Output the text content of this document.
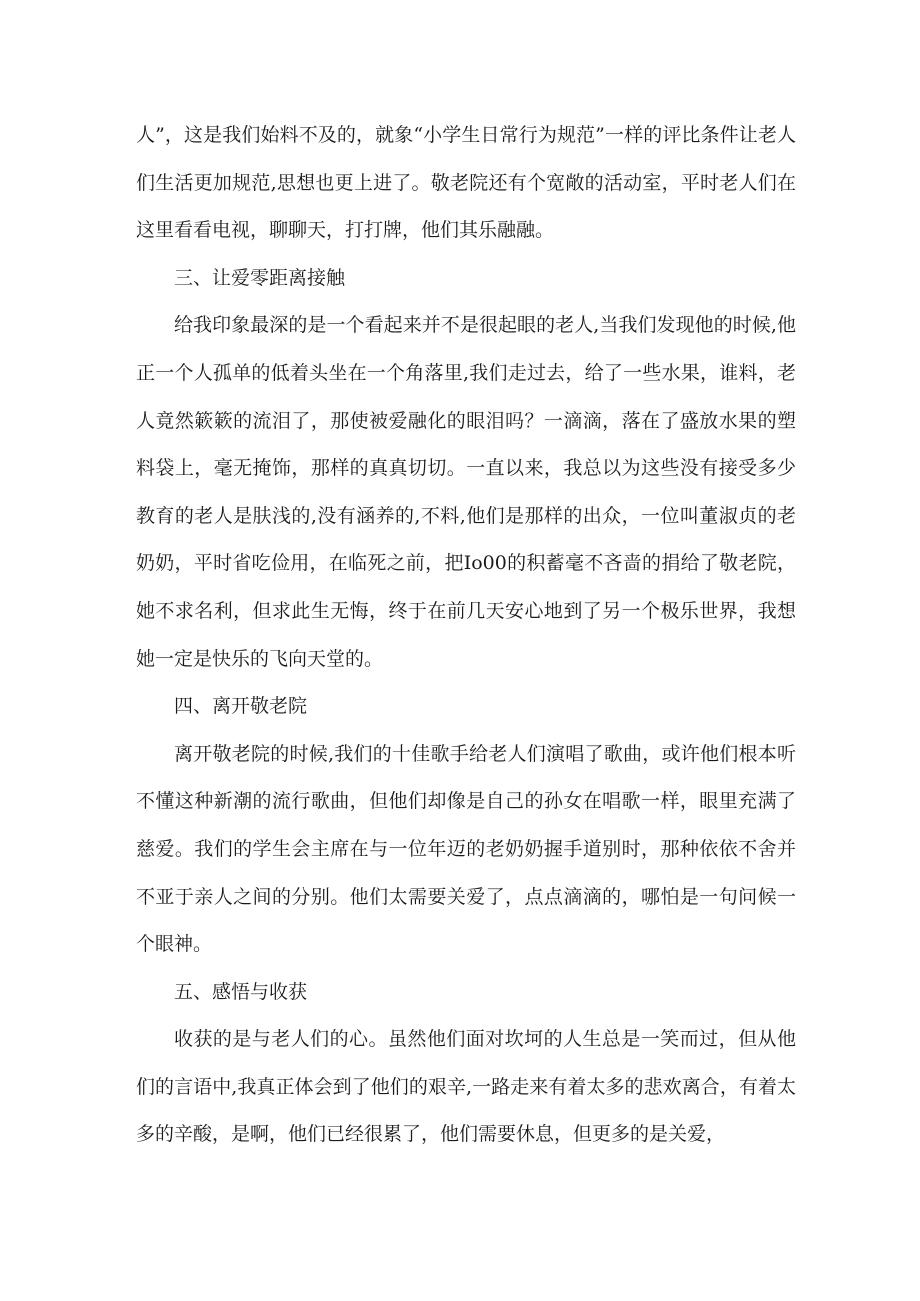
人”，这是我们始料不及的，就象“小学生日常行为规范”一样的评比条件让老人们生活更加规范,思想也更上进了。敬老院还有个宽敞的活动室，平时老人们在这里看看电视，聊聊天，打打牌，他们其乐融融。

三、让爱零距离接触

给我印象最深的是一个看起来并不是很起眼的老人,当我们发现他的时候,他正一个人孤单的低着头坐在一个角落里,我们走过去，给了一些水果，谁料，老人竟然簌簌的流泪了，那使被爱融化的眼泪吗？一滴滴，落在了盛放水果的塑料袋上，毫无掩饰，那样的真真切切。一直以来，我总以为这些没有接受多少教育的老人是肤浅的,没有涵养的,不料,他们是那样的出众，一位叫董淑贞的老奶奶，平时省吃俭用，在临死之前，把Io00的积蓄毫不吝啬的捐给了敬老院，她不求名利，但求此生无悔，终于在前几天安心地到了另一个极乐世界，我想她一定是快乐的飞向天堂的。

四、离开敬老院

离开敬老院的时候,我们的十佳歌手给老人们演唱了歌曲，或许他们根本听不懂这种新潮的流行歌曲，但他们却像是自己的孙女在唱歌一样，眼里充满了慈爱。我们的学生会主席在与一位年迈的老奶奶握手道别时，那种依依不舍并不亚于亲人之间的分别。他们太需要关爱了，点点滴滴的，哪怕是一句问候一个眼神。

五、感悟与收获

收获的是与老人们的心。虽然他们面对坎坷的人生总是一笑而过，但从他们的言语中,我真正体会到了他们的艰辛,一路走来有着太多的悲欢离合，有着太多的辛酸，是啊，他们已经很累了，他们需要休息，但更多的是关爱，
